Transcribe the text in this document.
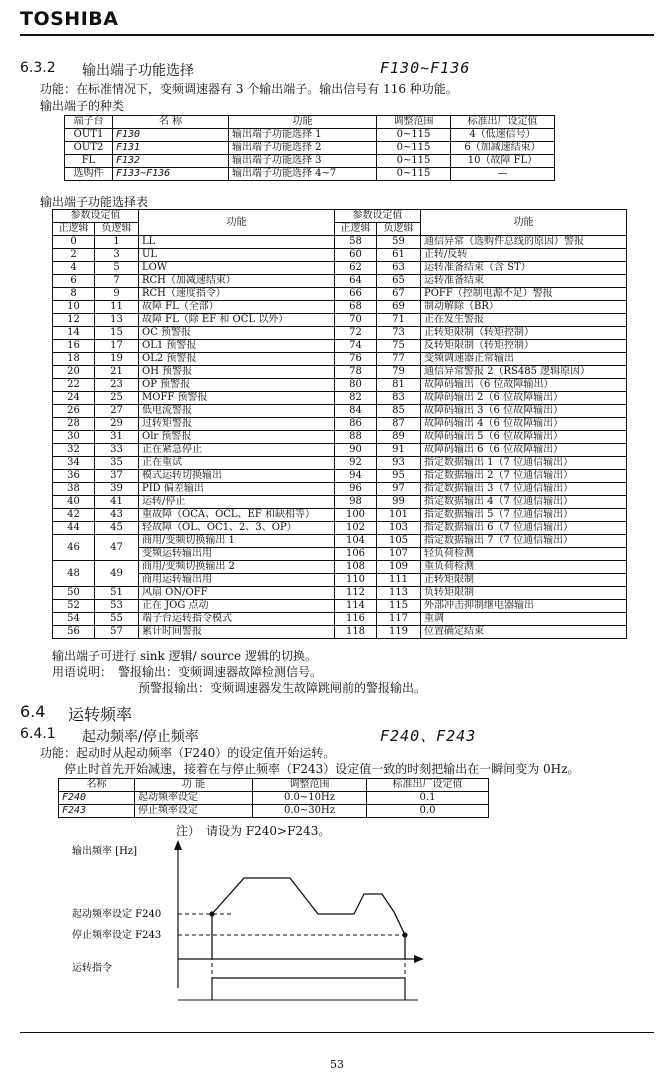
TOSHIBA
6.3.2 输出端子功能选择	F130~F136
功能：在标准情况下，变频调速器有 3 个输出端子。输出信号有 116 种功能。
输出端子的种类
端子台	名 称	功能	调整范围	标准出厂设定值
OUT1	F130	输出端子功能选择 1	0~115	4（低速信号）
OUT2	F131	输出端子功能选择 2	0~115	6（加减速结束）
FL	F132	输出端子功能选择 3	0~115	10（故障 FL）
选购件	F133~F136	输出端子功能选择 4~7	0~115	—
输出端子功能选择表
参数设定值		功能	参数设定值		功能
正逻辑	负逻辑		正逻辑	负逻辑	
0	1	LL	58	59	通信异常（选购件总线的原因）警报
2	3	UL	60	61	正转/反转
4	5	LOW	62	63	运转准备结束（含 ST）
6	7	RCH（加减速结束）	64	65	运转准备结束
8	9	RCH（速度指令）	66	67	POFF（控制电源不足）警报
10	11	故障 FL（全部）	68	69	制动解除（BR）
12	13	故障 FL（除 EF 和 OCL 以外）	70	71	正在发生警报
14	15	OC 预警报	72	73	正转矩限制（转矩控制）
16	17	OL1 预警报	74	75	反转矩限制（转矩控制）
18	19	OL2 预警报	76	77	变频调速器正常输出
20	21	OH 预警报	78	79	通信异常警报 2（RS485 逻辑原因）
22	23	OP 预警报	80	81	故障码输出（6 位故障输出）
24	25	MOFF 预警报	82	83	故障码输出 2（6 位故障输出）
26	27	低电流警报	84	85	故障码输出 3（6 位故障输出）
28	29	过转矩警报	86	87	故障码输出 4（6 位故障输出）
30	31	Olr 预警报	88	89	故障码输出 5（6 位故障输出）
32	33	正在紧急停止	90	91	故障码输出 6（6 位故障输出）
34	35	正在重试	92	93	指定数据输出 1（7 位通信输出）
36	37	模式运转切换输出	94	95	指定数据输出 2（7 位通信输出）
38	39	PID 偏差输出	96	97	指定数据输出 3（7 位通信输出）
40	41	运转/停止	98	99	指定数据输出 4（7 位通信输出）
42	43	重故障（OCA、OCL、EF 和缺相等）	100	101	指定数据输出 5（7 位通信输出）
44	45	轻故障（OL、OC1、2、3、OP）	102	103	指定数据输出 6（7 位通信输出）
46	47	商用/变频切换输出 1	104	105	指定数据输出 7（7 位通信输出）
		变频运转输出用	106	107	轻负荷检测
48	49	商用/变频切换输出 2	108	109	重负荷检测
		商用运转输出用	110	111	正转矩限制
50	51	风扇 ON/OFF	112	113	负转矩限制
52	53	正在 JOG 点动	114	115	外部冲击抑制继电器输出
54	55	端子台运转指令模式	116	117	重调
56	57	累计时间警报	118	119	位置确定结束
输出端子可进行 sink 逻辑/ source 逻辑的切换。
用语说明：　警报输出：变频调速器故障检测信号。
预警报输出：变频调速器发生故障跳闸前的警报输出。
6.4 运转频率
6.4.1 起动频率/停止频率	F240、F243
功能：起动时从起动频率（F240）的设定值开始运转。
停止时首先开始减速，接着在与停止频率（F243）设定值一致的时刻把输出在一瞬间变为 0Hz。
名称	功 能	调整范围	标准出厂设定值
F240	起动频率设定	0.0~10Hz	0.1
F243	停止频率设定	0.0~30Hz	0.0
注）　请设为 F240>F243。
输出频率 [Hz]
起动频率设定 F240
停止频率设定 F243
运转指令
53
